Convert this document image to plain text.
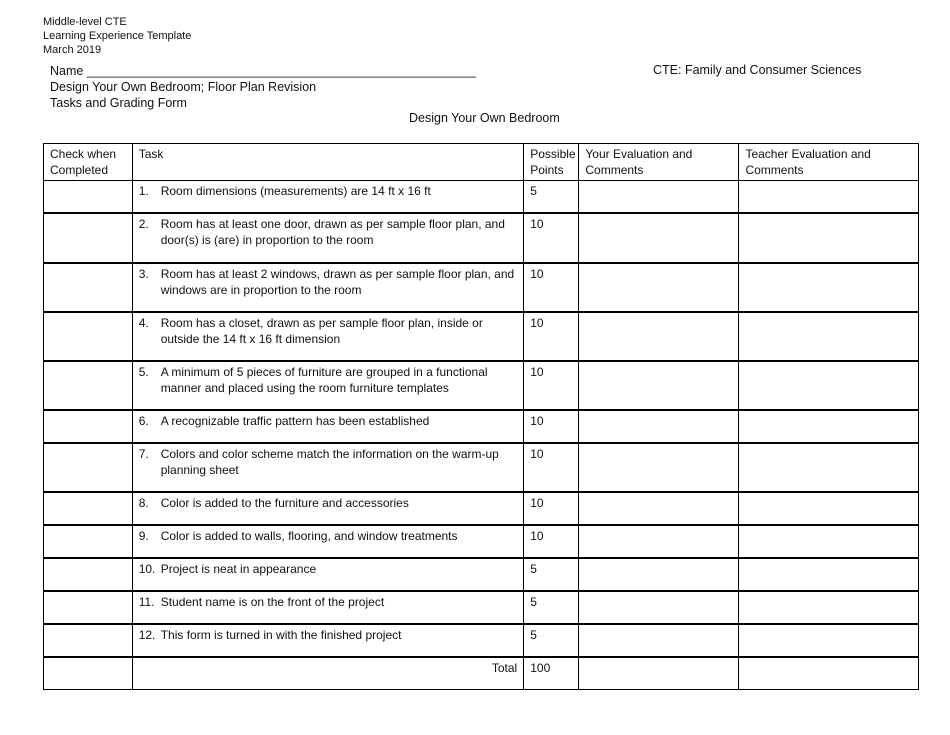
Middle-level CTE
Learning Experience Template
March 2019
Name ________________________________________________________
Design Your Own Bedroom; Floor Plan Revision
Tasks and Grading Form
CTE: Family and Consumer Sciences
Design Your Own Bedroom
Check when Completed	Task	Possible Points	Your Evaluation and Comments	Teacher Evaluation and Comments

	1. Room dimensions (measurements) are 14 ft x 16 ft	5		

	2. Room has at least one door, drawn as per sample floor plan, and door(s) is (are) in proportion to the room	10		

	3. Room has at least 2 windows, drawn as per sample floor plan, and windows are in proportion to the room	10		

	4. Room has a closet, drawn as per sample floor plan, inside or outside the 14 ft x 16 ft dimension	10		

	5. A minimum of 5 pieces of furniture are grouped in a functional manner and placed using the room furniture templates	10		

	6. A recognizable traffic pattern has been established	10		

	7. Colors and color scheme match the information on the warm-up planning sheet	10		

	8. Color is added to the furniture and accessories	10		

	9. Color is added to walls, flooring, and window treatments	10		

	10. Project is neat in appearance	5		

	11. Student name is on the front of the project	5		

	12. This form is turned in with the finished project	5		
	Total	100		
